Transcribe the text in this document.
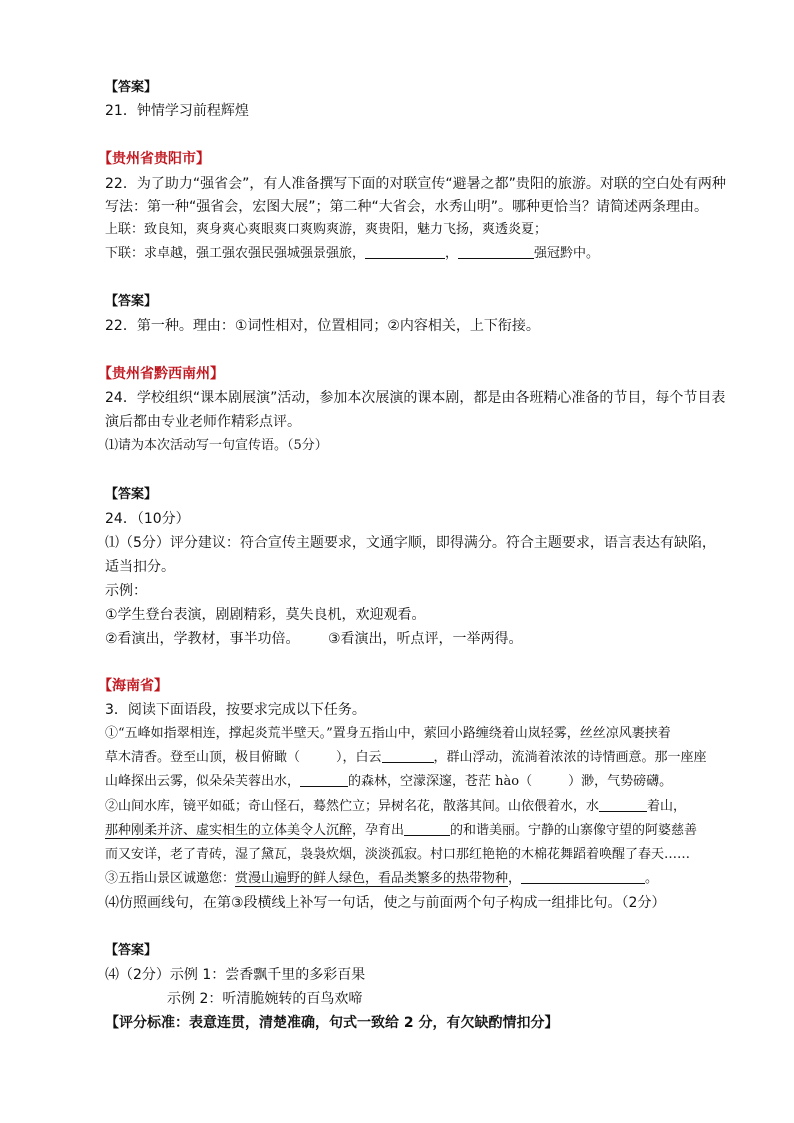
【答案】
21．钟情学习前程辉煌
【贵州省贵阳市】
22．为了助力“强省会”，有人准备撰写下面的对联宣传“避暑之都”贵阳的旅游。对联的空白处有两种
写法：第一种“强省会，宏图大展”；第二种“大省会，水秀山明”。哪种更恰当？请简述两条理由。
上联：致良知，爽身爽心爽眼爽口爽购爽游，爽贵阳，魅力飞扬，爽透炎夏；
下联：求卓越，强工强农强民强城强景强旅，	，	强冠黔中。
【答案】
22．第一种。理由：①词性相对，位置相同；②内容相关，上下衔接。
【贵州省黔西南州】
24．学校组织“课本剧展演”活动，参加本次展演的课本剧，都是由各班精心准备的节目，每个节目表
演后都由专业老师作精彩点评。
⑴请为本次活动写一句宣传语。（5分）
【答案】
24．（10分）
⑴（5分）评分建议：符合宣传主题要求，文通字顺，即得满分。符合主题要求，语言表达有缺陷，
适当扣分。
示例：
①学生登台表演，剧剧精彩，莫失良机，欢迎观看。
②看演出，学教材，事半功倍。 ③看演出，听点评，一举两得。
【海南省】
3．阅读下面语段，按要求完成以下任务。
①“五峰如指翠相连，撑起炎荒半壁天。”置身五指山中，萦回小路缠绕着山岚轻雾，丝丝凉风裹挟着
草木清香。登至山顶，极目俯瞰（	），白云	，群山浮动，流淌着浓浓的诗情画意。那一座座
山峰探出云雾，似朵朵芙蓉出水，	的森林，空濛深邃，苍茫 hào（	）渺，气势磅礴。
②山间水库，镜平如砥；奇山怪石，蓦然伫立；异树名花，散落其间。山依偎着水，水	着山，
那种刚柔并济、虚实相生的立体美令人沉醉，孕育出	的和谐美丽。宁静的山寨像守望的阿婆慈善
而又安详，老了青砖，湿了黛瓦，袅袅炊烟，淡淡孤寂。村口那红艳艳的木棉花舞蹈着唤醒了春天……
③五指山景区诚邀您：赏漫山遍野的鲜人绿色，看品类繁多的热带物种，	。
⑷仿照画线句，在第③段横线上补写一句话，使之与前面两个句子构成一组排比句。（2分）
【答案】
⑷（2分）示例 1：尝香飘千里的多彩百果
示例 2：听清脆婉转的百鸟欢啼
【评分标准：表意连贯，清楚准确，句式一致给 2 分，有欠缺酌情扣分】
